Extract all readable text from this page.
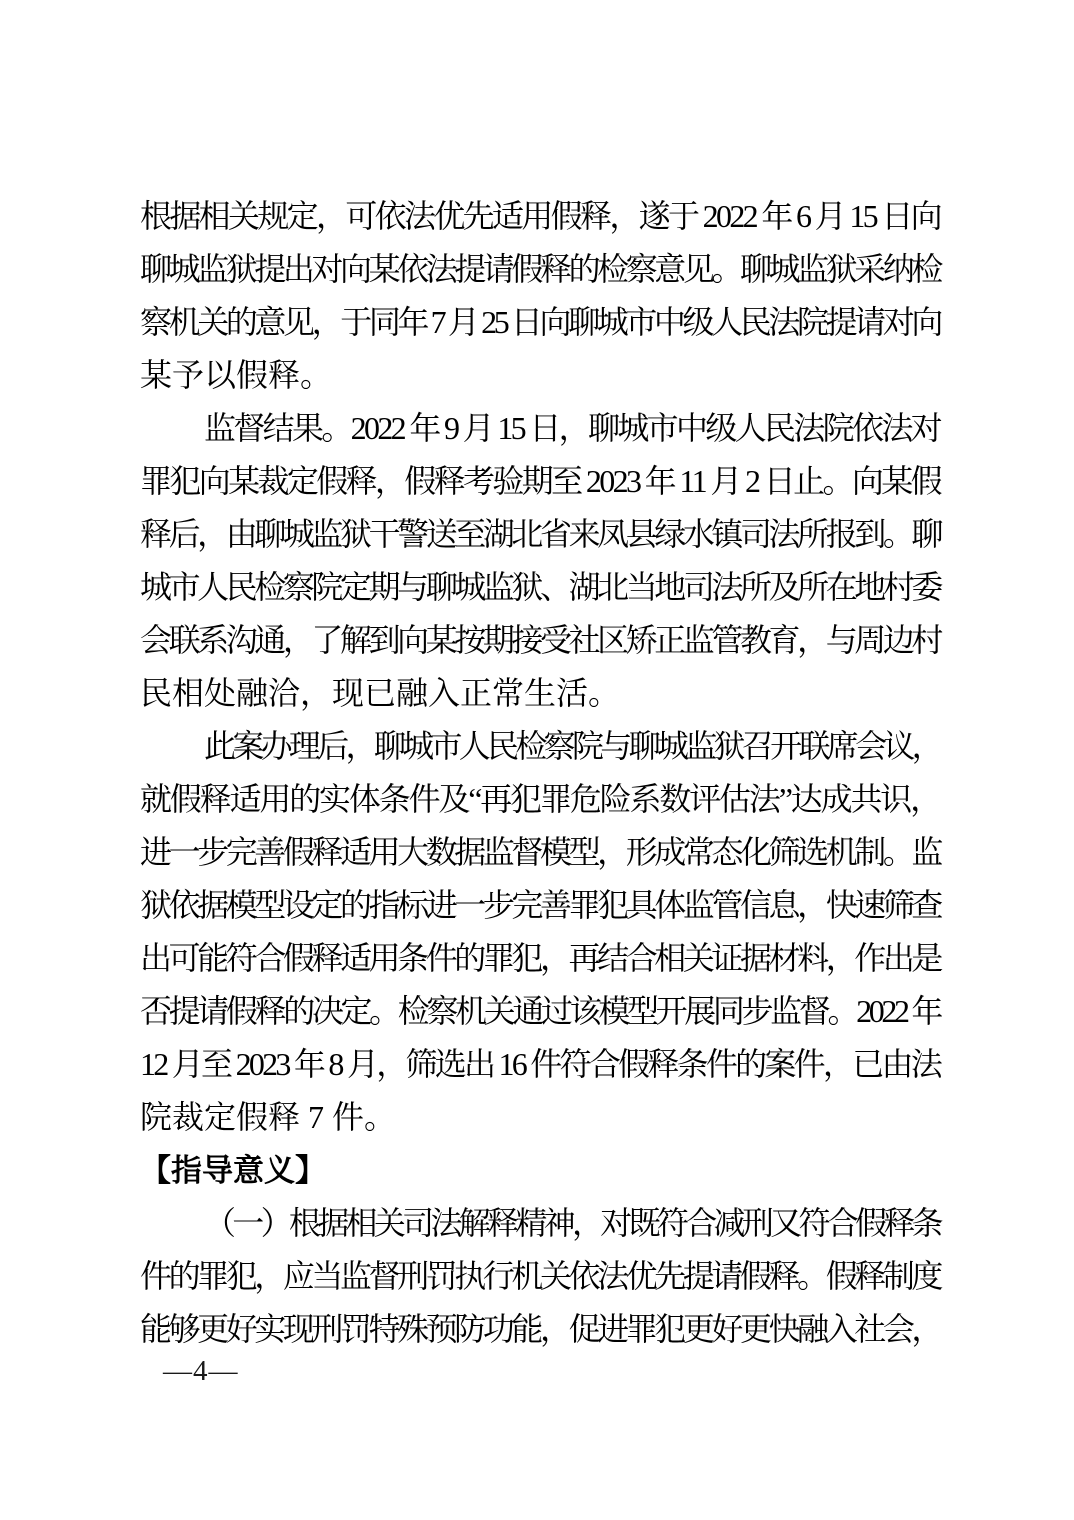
根据相关规定，可依法优先适用假释，遂于 2022 年 6 月 15 日向
聊城监狱提出对向某依法提请假释的检察意见。聊城监狱采纳检
察机关的意见，于同年 7 月 25 日向聊城市中级人民法院提请对向
某予以假释。
监督结果。2022 年 9 月 15 日，聊城市中级人民法院依法对
罪犯向某裁定假释，假释考验期至 2023 年 11 月 2 日止。向某假
释后，由聊城监狱干警送至湖北省来凤县绿水镇司法所报到。聊
城市人民检察院定期与聊城监狱、湖北当地司法所及所在地村委
会联系沟通，了解到向某按期接受社区矫正监管教育，与周边村
民相处融洽，现已融入正常生活。
此案办理后，聊城市人民检察院与聊城监狱召开联席会议，
就假释适用的实体条件及“再犯罪危险系数评估法”达成共识，
进一步完善假释适用大数据监督模型，形成常态化筛选机制。监
狱依据模型设定的指标进一步完善罪犯具体监管信息，快速筛查
出可能符合假释适用条件的罪犯，再结合相关证据材料，作出是
否提请假释的决定。检察机关通过该模型开展同步监督。2022 年
12 月至 2023 年 8 月，筛选出 16 件符合假释条件的案件，已由法
院裁定假释 7 件。
【指导意义】
（一）根据相关司法解释精神，对既符合减刑又符合假释条
件的罪犯，应当监督刑罚执行机关依法优先提请假释。假释制度
能够更好实现刑罚特殊预防功能，促进罪犯更好更快融入社会，
—4—
